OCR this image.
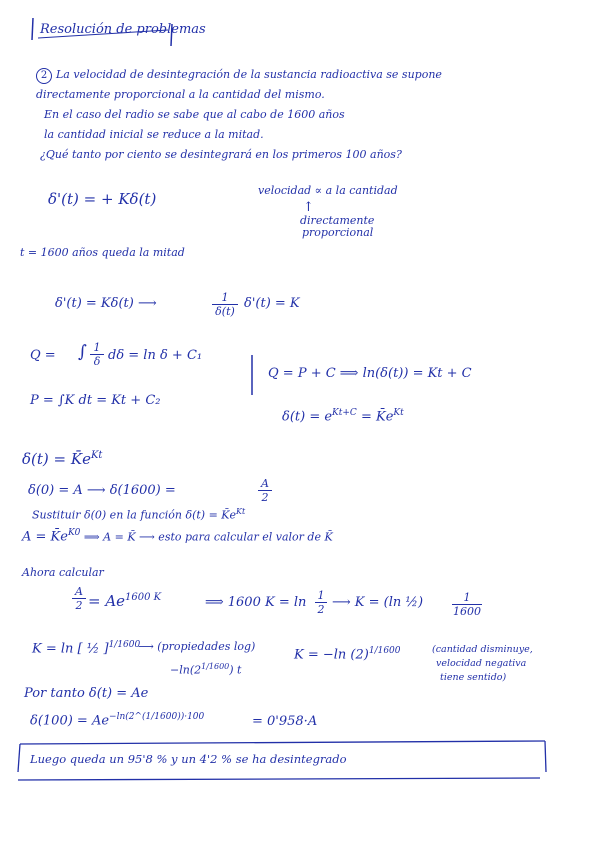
Resolución de problemas
2 La velocidad de desintegración de la sustancia radioactiva se supone
directamente proporcional a la cantidad del mismo.
En el caso del radio se sabe que al cabo de 1600 años
la cantidad inicial se reduce a la mitad.
¿Qué tanto por ciento se desintegrará en los primeros 100 años?
δ'(t) = + Kδ(t)	velocidad ∝ a la cantidad
↑
directamente
proporcional
t = 1600 años queda la mitad
δ'(t) = Kδ(t) ⟶	1
δ(t)
δ'(t) = K
Q = ∫ 1
δ dδ = ln δ + C₁
P = ∫K dt = Kt + C₂
Q = P + C ⟹ ln(δ(t)) = Kt + C
$\delta(t) = e^{Kt+C}$ = $K̄e^{Kt}$
$\delta(t) = K̄e^{Kt}$
δ(0) = A ⟶ δ(1600) =	A
2
Sustituir δ(0) en la función $\delta(t) = K̄e^{Kt}$
$A = K̄e^{K0}$ ⟹ A = K̄ ⟶ esto para calcular el valor de K̄
Ahora calcular
A
$2 = Ae^{1600 K}$	⟹ 1600 K = ln 1
2 ⟶ K = (ln ½)	1
1600
K = ln [ ½ ]$^{1/1600}$
⟶ (propiedades log)
$-\ln(2^{1/1600})$ t
K = −ln $(2)^{1/1600}$	(cantidad disminuye,
velocidad negativa
tiene sentido)
Por tanto δ(t) = Ae
$\delta(100) = Ae^{-ln(2\^{}(1/1600))\cdot 100}$	= 0'958·A
Luego queda un 95'8 % y un 4'2 % se ha desintegrado
